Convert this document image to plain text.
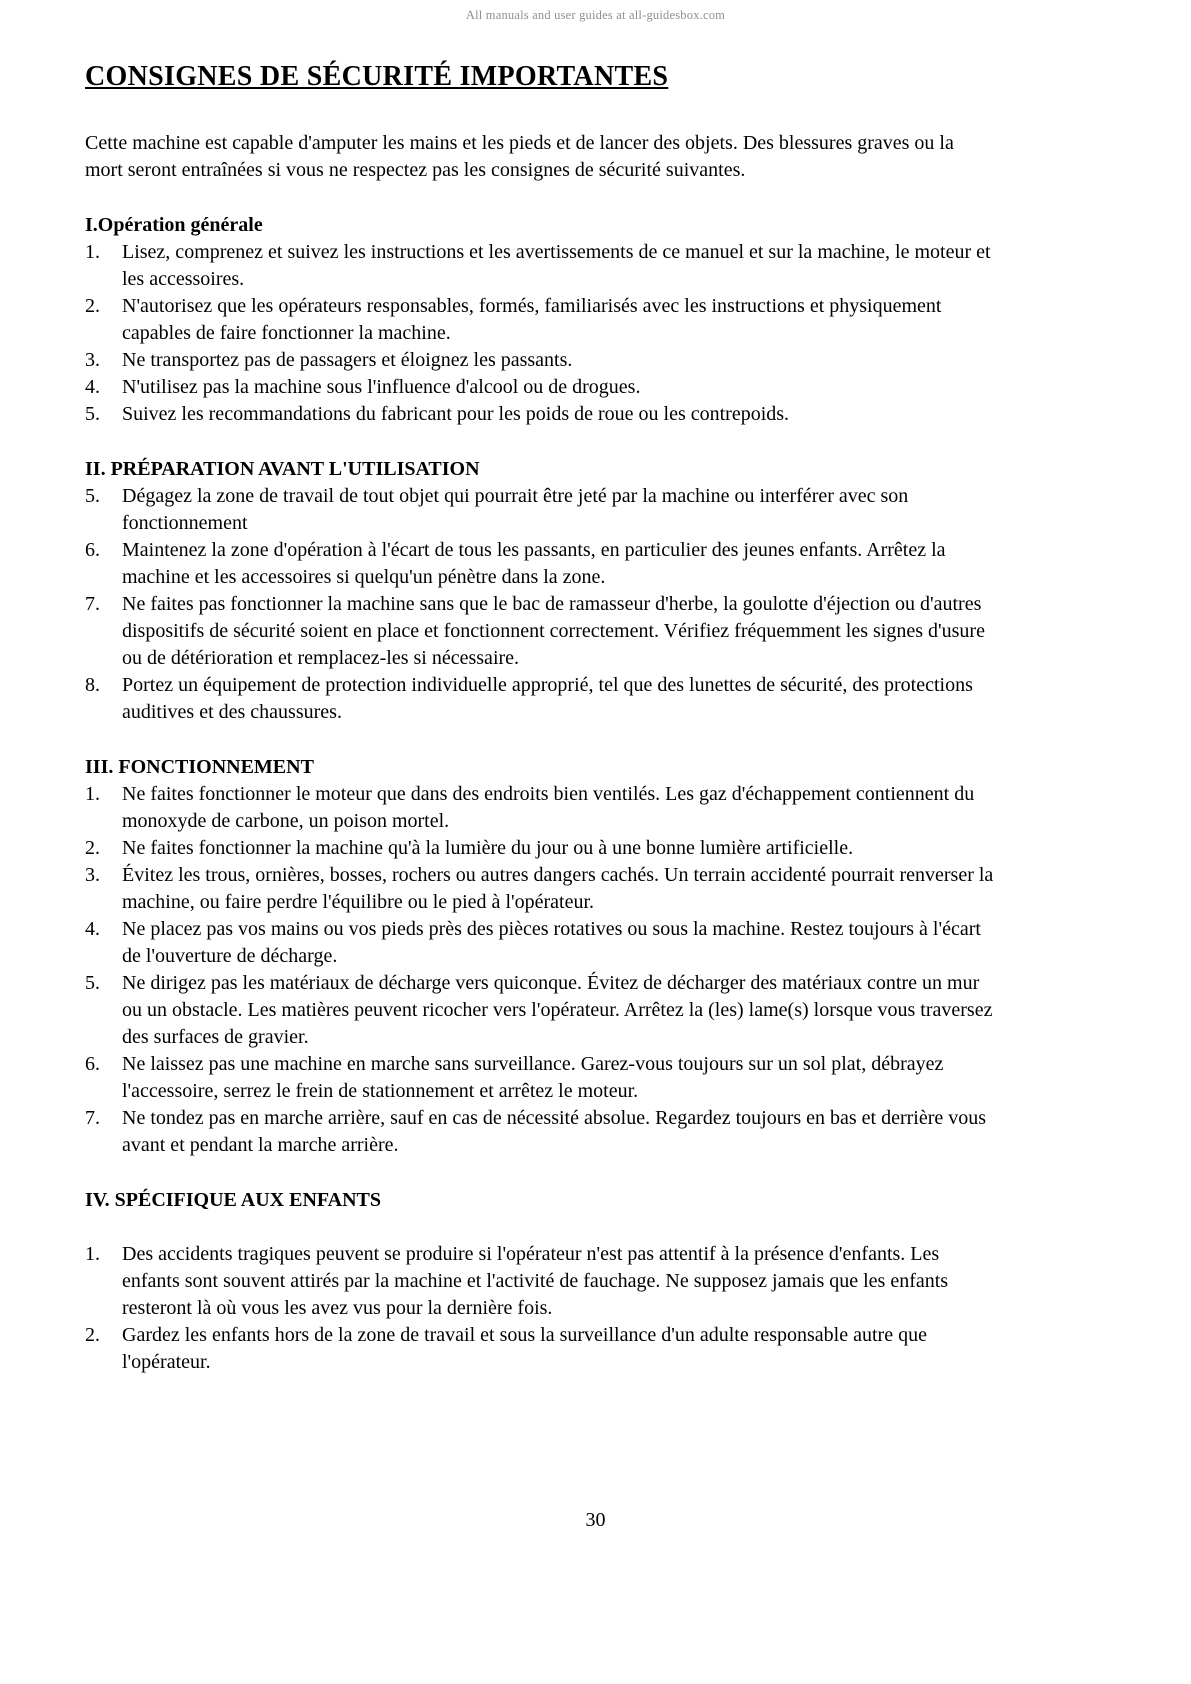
All manuals and user guides at all-guidesbox.com
CONSIGNES DE SÉCURITÉ IMPORTANTES

Cette machine est capable d'amputer les mains et les pieds et de lancer des objets. Des blessures graves ou la mort seront entraînées si vous ne respectez pas les consignes de sécurité suivantes.

I.Opération générale
1.	Lisez, comprenez et suivez les instructions et les avertissements de ce manuel et sur la machine, le moteur et les accessoires.
2.	N'autorisez que les opérateurs responsables, formés, familiarisés avec les instructions et physiquement capables de faire fonctionner la machine.
3.	Ne transportez pas de passagers et éloignez les passants.
4.	N'utilisez pas la machine sous l'influence d'alcool ou de drogues.
5.	Suivez les recommandations du fabricant pour les poids de roue ou les contrepoids.
II. PRÉPARATION AVANT L'UTILISATION
5.	Dégagez la zone de travail de tout objet qui pourrait être jeté par la machine ou interférer avec son fonctionnement
6.	Maintenez la zone d'opération à l'écart de tous les passants, en particulier des jeunes enfants. Arrêtez la machine et les accessoires si quelqu'un pénètre dans la zone.
7.	Ne faites pas fonctionner la machine sans que le bac de ramasseur d'herbe, la goulotte d'éjection ou d'autres dispositifs de sécurité soient en place et fonctionnent correctement. Vérifiez fréquemment les signes d'usure ou de détérioration et remplacez-les si nécessaire.
8.	Portez un équipement de protection individuelle approprié, tel que des lunettes de sécurité, des protections auditives et des chaussures.
III. FONCTIONNEMENT
1.	Ne faites fonctionner le moteur que dans des endroits bien ventilés. Les gaz d'échappement contiennent du monoxyde de carbone, un poison mortel.
2.	Ne faites fonctionner la machine qu'à la lumière du jour ou à une bonne lumière artificielle.
3.	Évitez les trous, ornières, bosses, rochers ou autres dangers cachés. Un terrain accidenté pourrait renverser la machine, ou faire perdre l'équilibre ou le pied à l'opérateur.
4.	Ne placez pas vos mains ou vos pieds près des pièces rotatives ou sous la machine. Restez toujours à l'écart de l'ouverture de décharge.
5.	Ne dirigez pas les matériaux de décharge vers quiconque. Évitez de décharger des matériaux contre un mur ou un obstacle. Les matières peuvent ricocher vers l'opérateur. Arrêtez la (les) lame(s) lorsque vous traversez des surfaces de gravier.
6.	Ne laissez pas une machine en marche sans surveillance. Garez-vous toujours sur un sol plat, débrayez l'accessoire, serrez le frein de stationnement et arrêtez le moteur.
7.	Ne tondez pas en marche arrière, sauf en cas de nécessité absolue. Regardez toujours en bas et derrière vous avant et pendant la marche arrière.
IV. SPÉCIFIQUE AUX ENFANTS
1.	Des accidents tragiques peuvent se produire si l'opérateur n'est pas attentif à la présence d'enfants. Les enfants sont souvent attirés par la machine et l'activité de fauchage. Ne supposez jamais que les enfants resteront là où vous les avez vus pour la dernière fois.
2.	Gardez les enfants hors de la zone de travail et sous la surveillance d'un adulte responsable autre que l'opérateur.
30
